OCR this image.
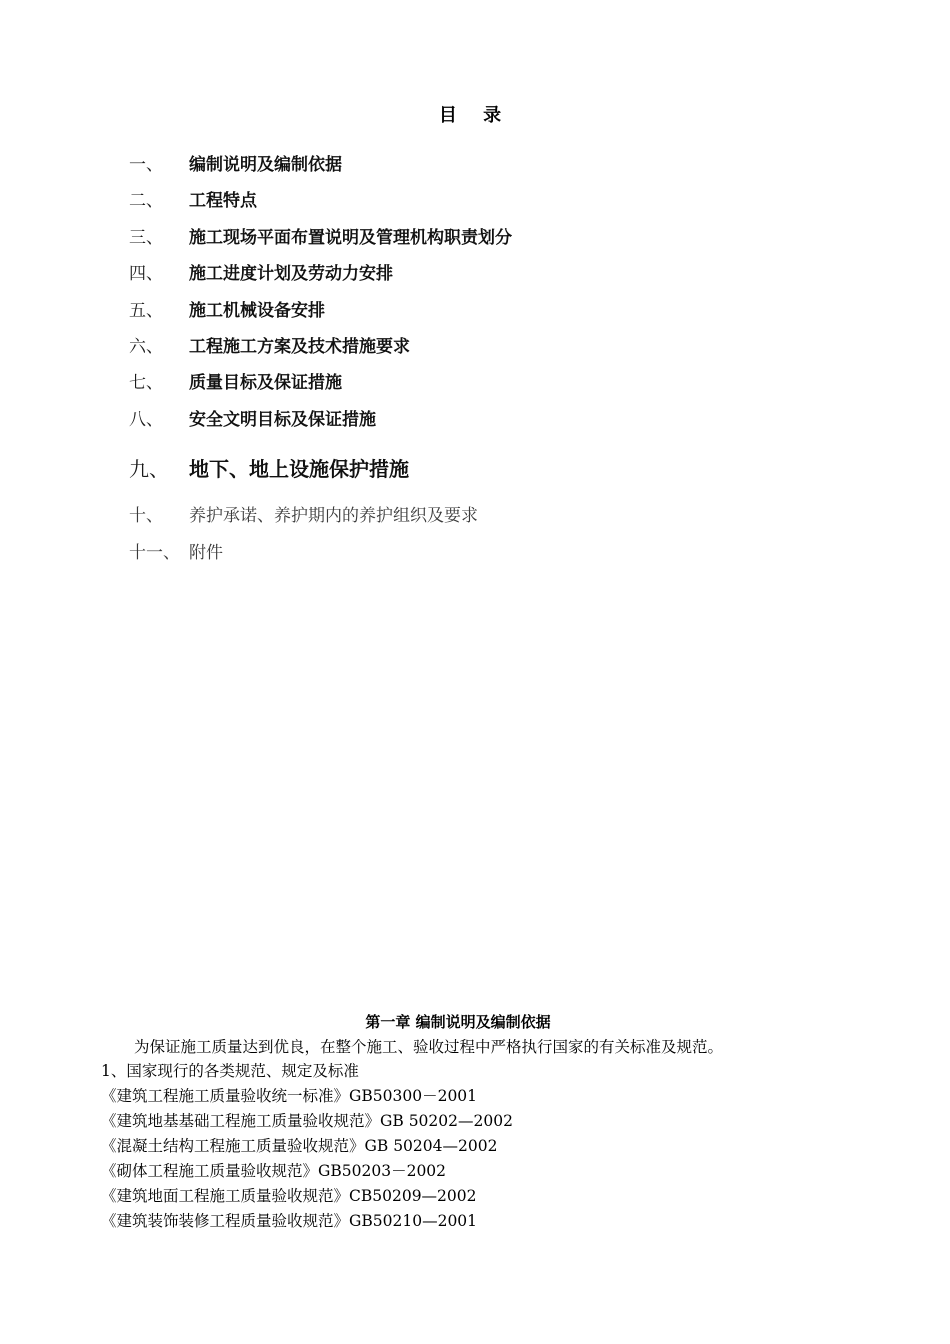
目 录
一、 编制说明及编制依据
二、 工程特点
三、 施工现场平面布置说明及管理机构职责划分
四、 施工进度计划及劳动力安排
五、 施工机械设备安排
六、 工程施工方案及技术措施要求
七、 质量目标及保证措施
八、 安全文明目标及保证措施
九、 地下、地上设施保护措施
十、 养护承诺、养护期内的养护组织及要求
十一、 附件
第一章 编制说明及编制依据
为保证施工质量达到优良，在整个施工、验收过程中严格执行国家的有关标准及规范。
1、国家现行的各类规范、规定及标准
《建筑工程施工质量验收统一标准》GB50300－2001
《建筑地基基础工程施工质量验收规范》GB 50202—2002
《混凝土结构工程施工质量验收规范》GB 50204—2002
《砌体工程施工质量验收规范》GB50203－2002
《建筑地面工程施工质量验收规范》CB50209—2002
《建筑装饰装修工程质量验收规范》GB50210—2001
